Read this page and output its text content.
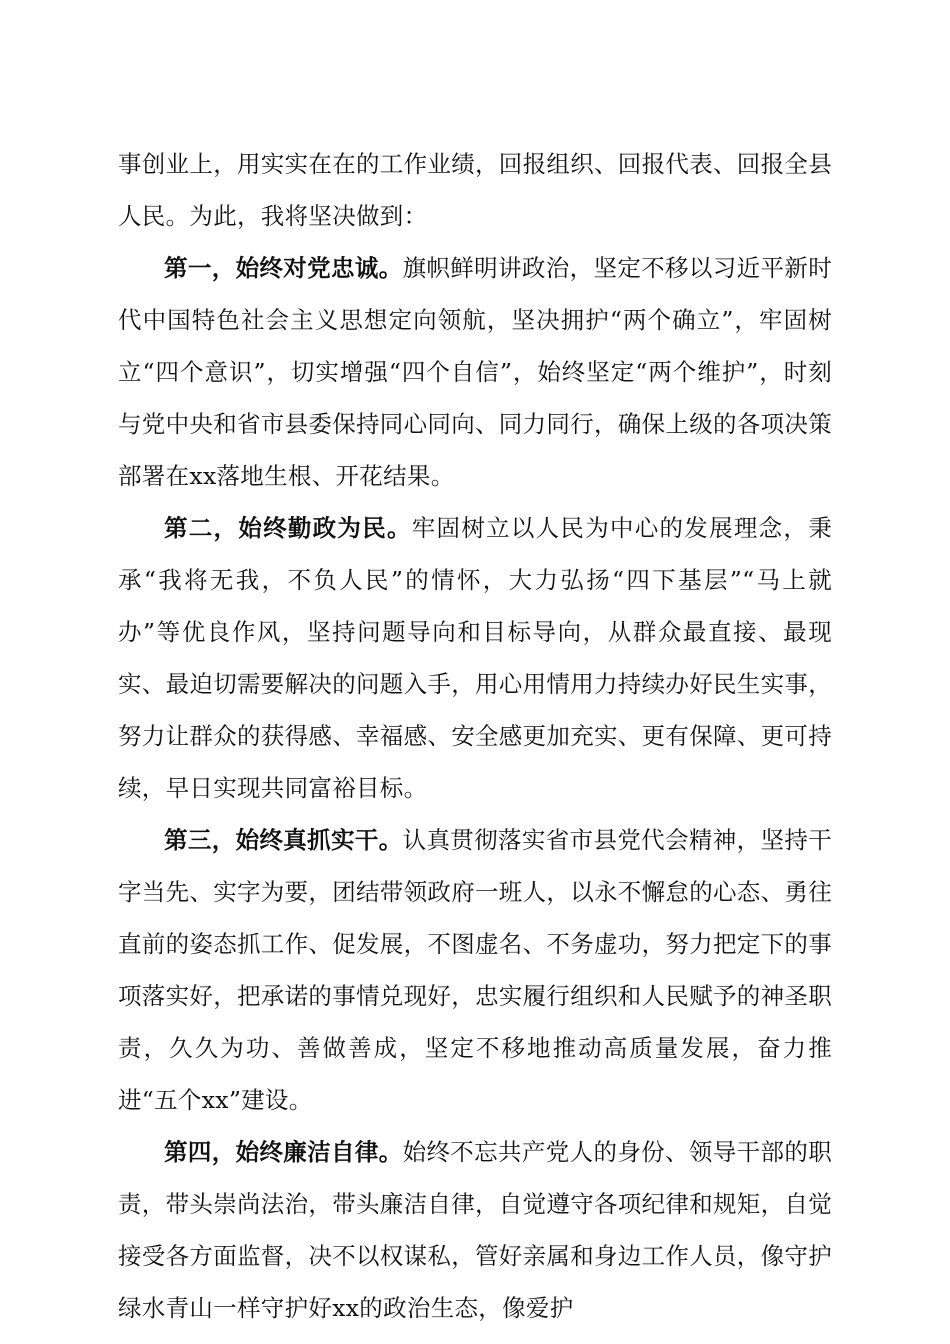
事创业上，用实实在在的工作业绩，回报组织、回报代表、回报全县人民。为此，我将坚决做到：

第一，始终对党忠诚。旗帜鲜明讲政治，坚定不移以习近平新时代中国特色社会主义思想定向领航，坚决拥护“两个确立”，牢固树立“四个意识”，切实增强“四个自信”，始终坚定“两个维护”，时刻与党中央和省市县委保持同心同向、同力同行，确保上级的各项决策部署在xx落地生根、开花结果。

第二，始终勤政为民。牢固树立以人民为中心的发展理念，秉承“我将无我，不负人民”的情怀，大力弘扬“四下基层”“马上就办”等优良作风，坚持问题导向和目标导向，从群众最直接、最现实、最迫切需要解决的问题入手，用心用情用力持续办好民生实事，努力让群众的获得感、幸福感、安全感更加充实、更有保障、更可持续，早日实现共同富裕目标。

第三，始终真抓实干。认真贯彻落实省市县党代会精神，坚持干字当先、实字为要，团结带领政府一班人，以永不懈怠的心态、勇往直前的姿态抓工作、促发展，不图虚名、不务虚功，努力把定下的事项落实好，把承诺的事情兑现好，忠实履行组织和人民赋予的神圣职责，久久为功、善做善成，坚定不移地推动高质量发展，奋力推进“五个xx”建设。

第四，始终廉洁自律。始终不忘共产党人的身份、领导干部的职责，带头崇尚法治，带头廉洁自律，自觉遵守各项纪律和规矩，自觉接受各方面监督，决不以权谋私，管好亲属和身边工作人员，像守护绿水青山一样守护好xx的政治生态，像爱护
